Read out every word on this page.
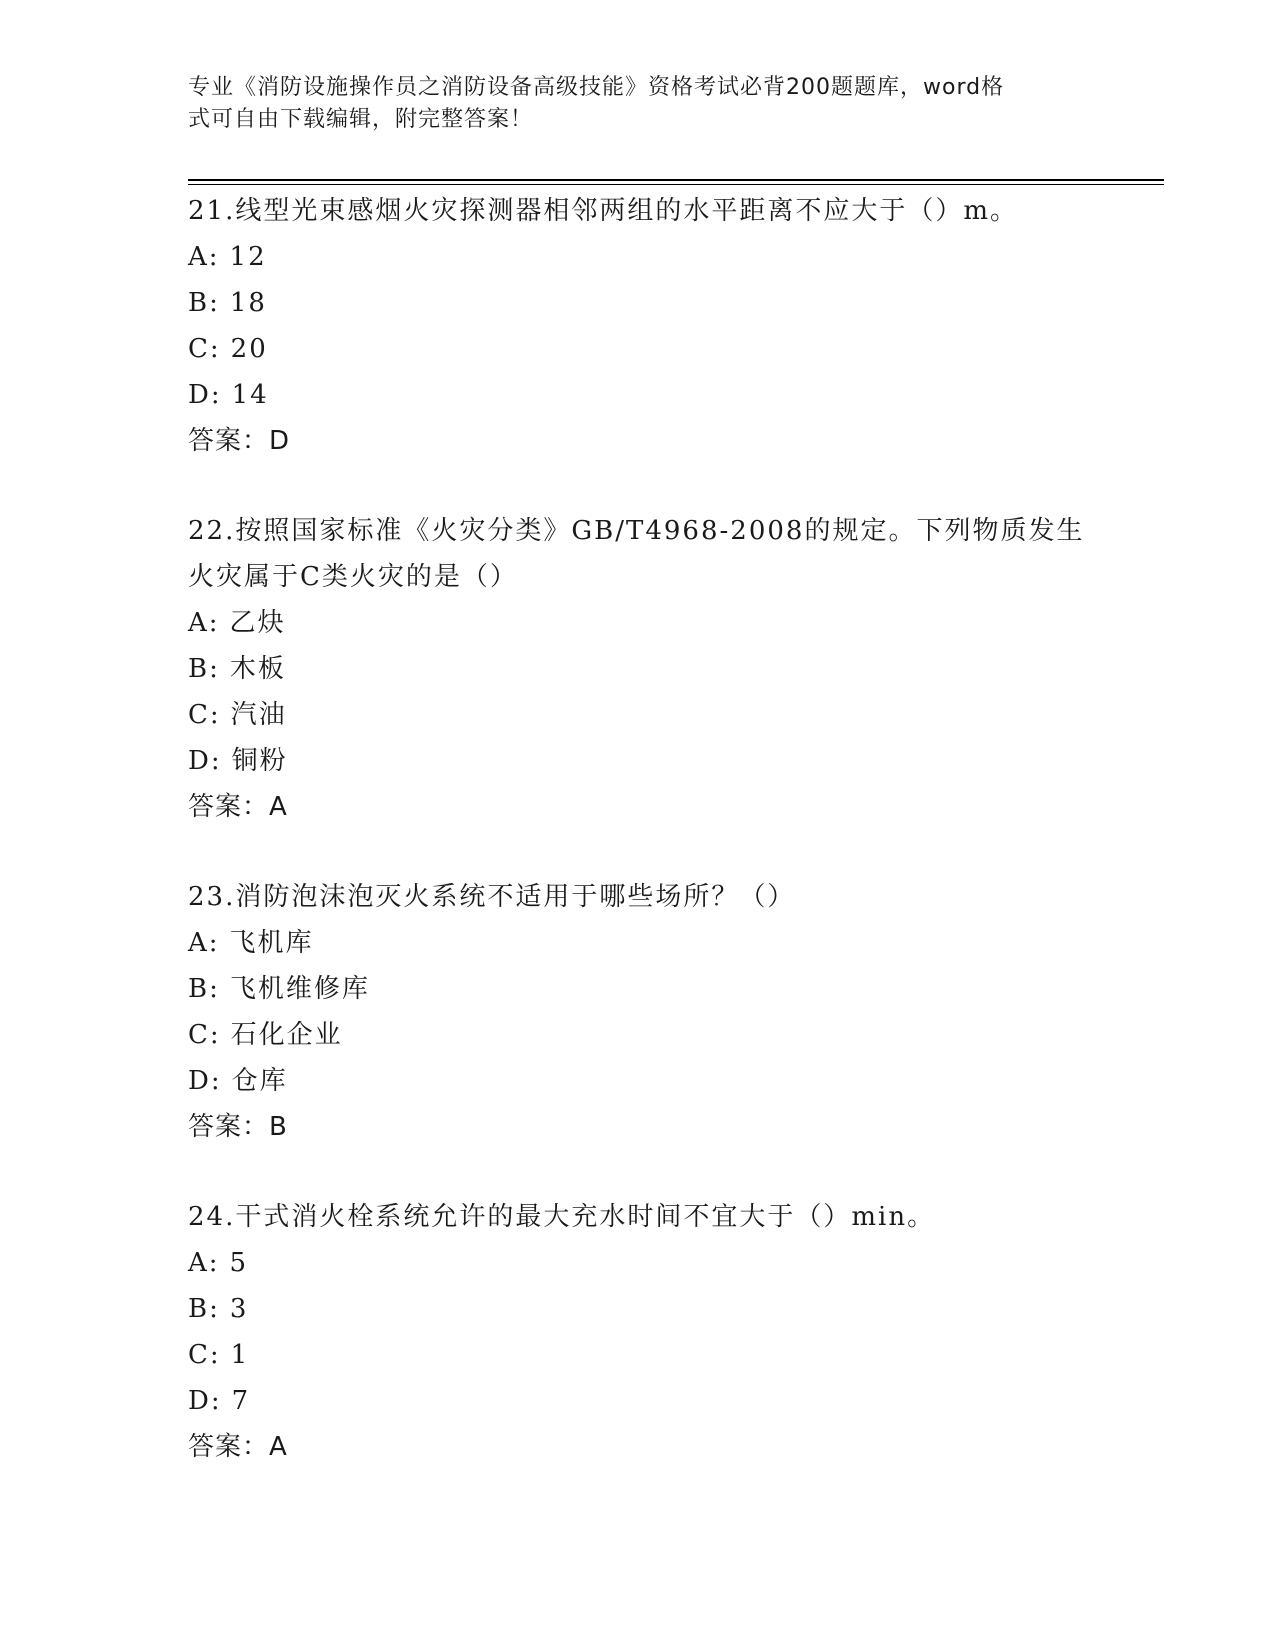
专业《消防设施操作员之消防设备高级技能》资格考试必背200题题库，word格
式可自由下载编辑，附完整答案！
21.线型光束感烟火灾探测器相邻两组的水平距离不应大于（）m。
A: 12
B: 18
C: 20
D: 14
答案：D
22.按照国家标准《火灾分类》GB/T4968-2008的规定。下列物质发生火灾属于C类火灾的是（）
A: 乙炔
B: 木板
C: 汽油
D: 铜粉
答案：A
23.消防泡沫泡灭火系统不适用于哪些场所？（）
A: 飞机库
B: 飞机维修库
C: 石化企业
D: 仓库
答案：B
24.干式消火栓系统允许的最大充水时间不宜大于（）min。
A: 5
B: 3
C: 1
D: 7
答案：A
